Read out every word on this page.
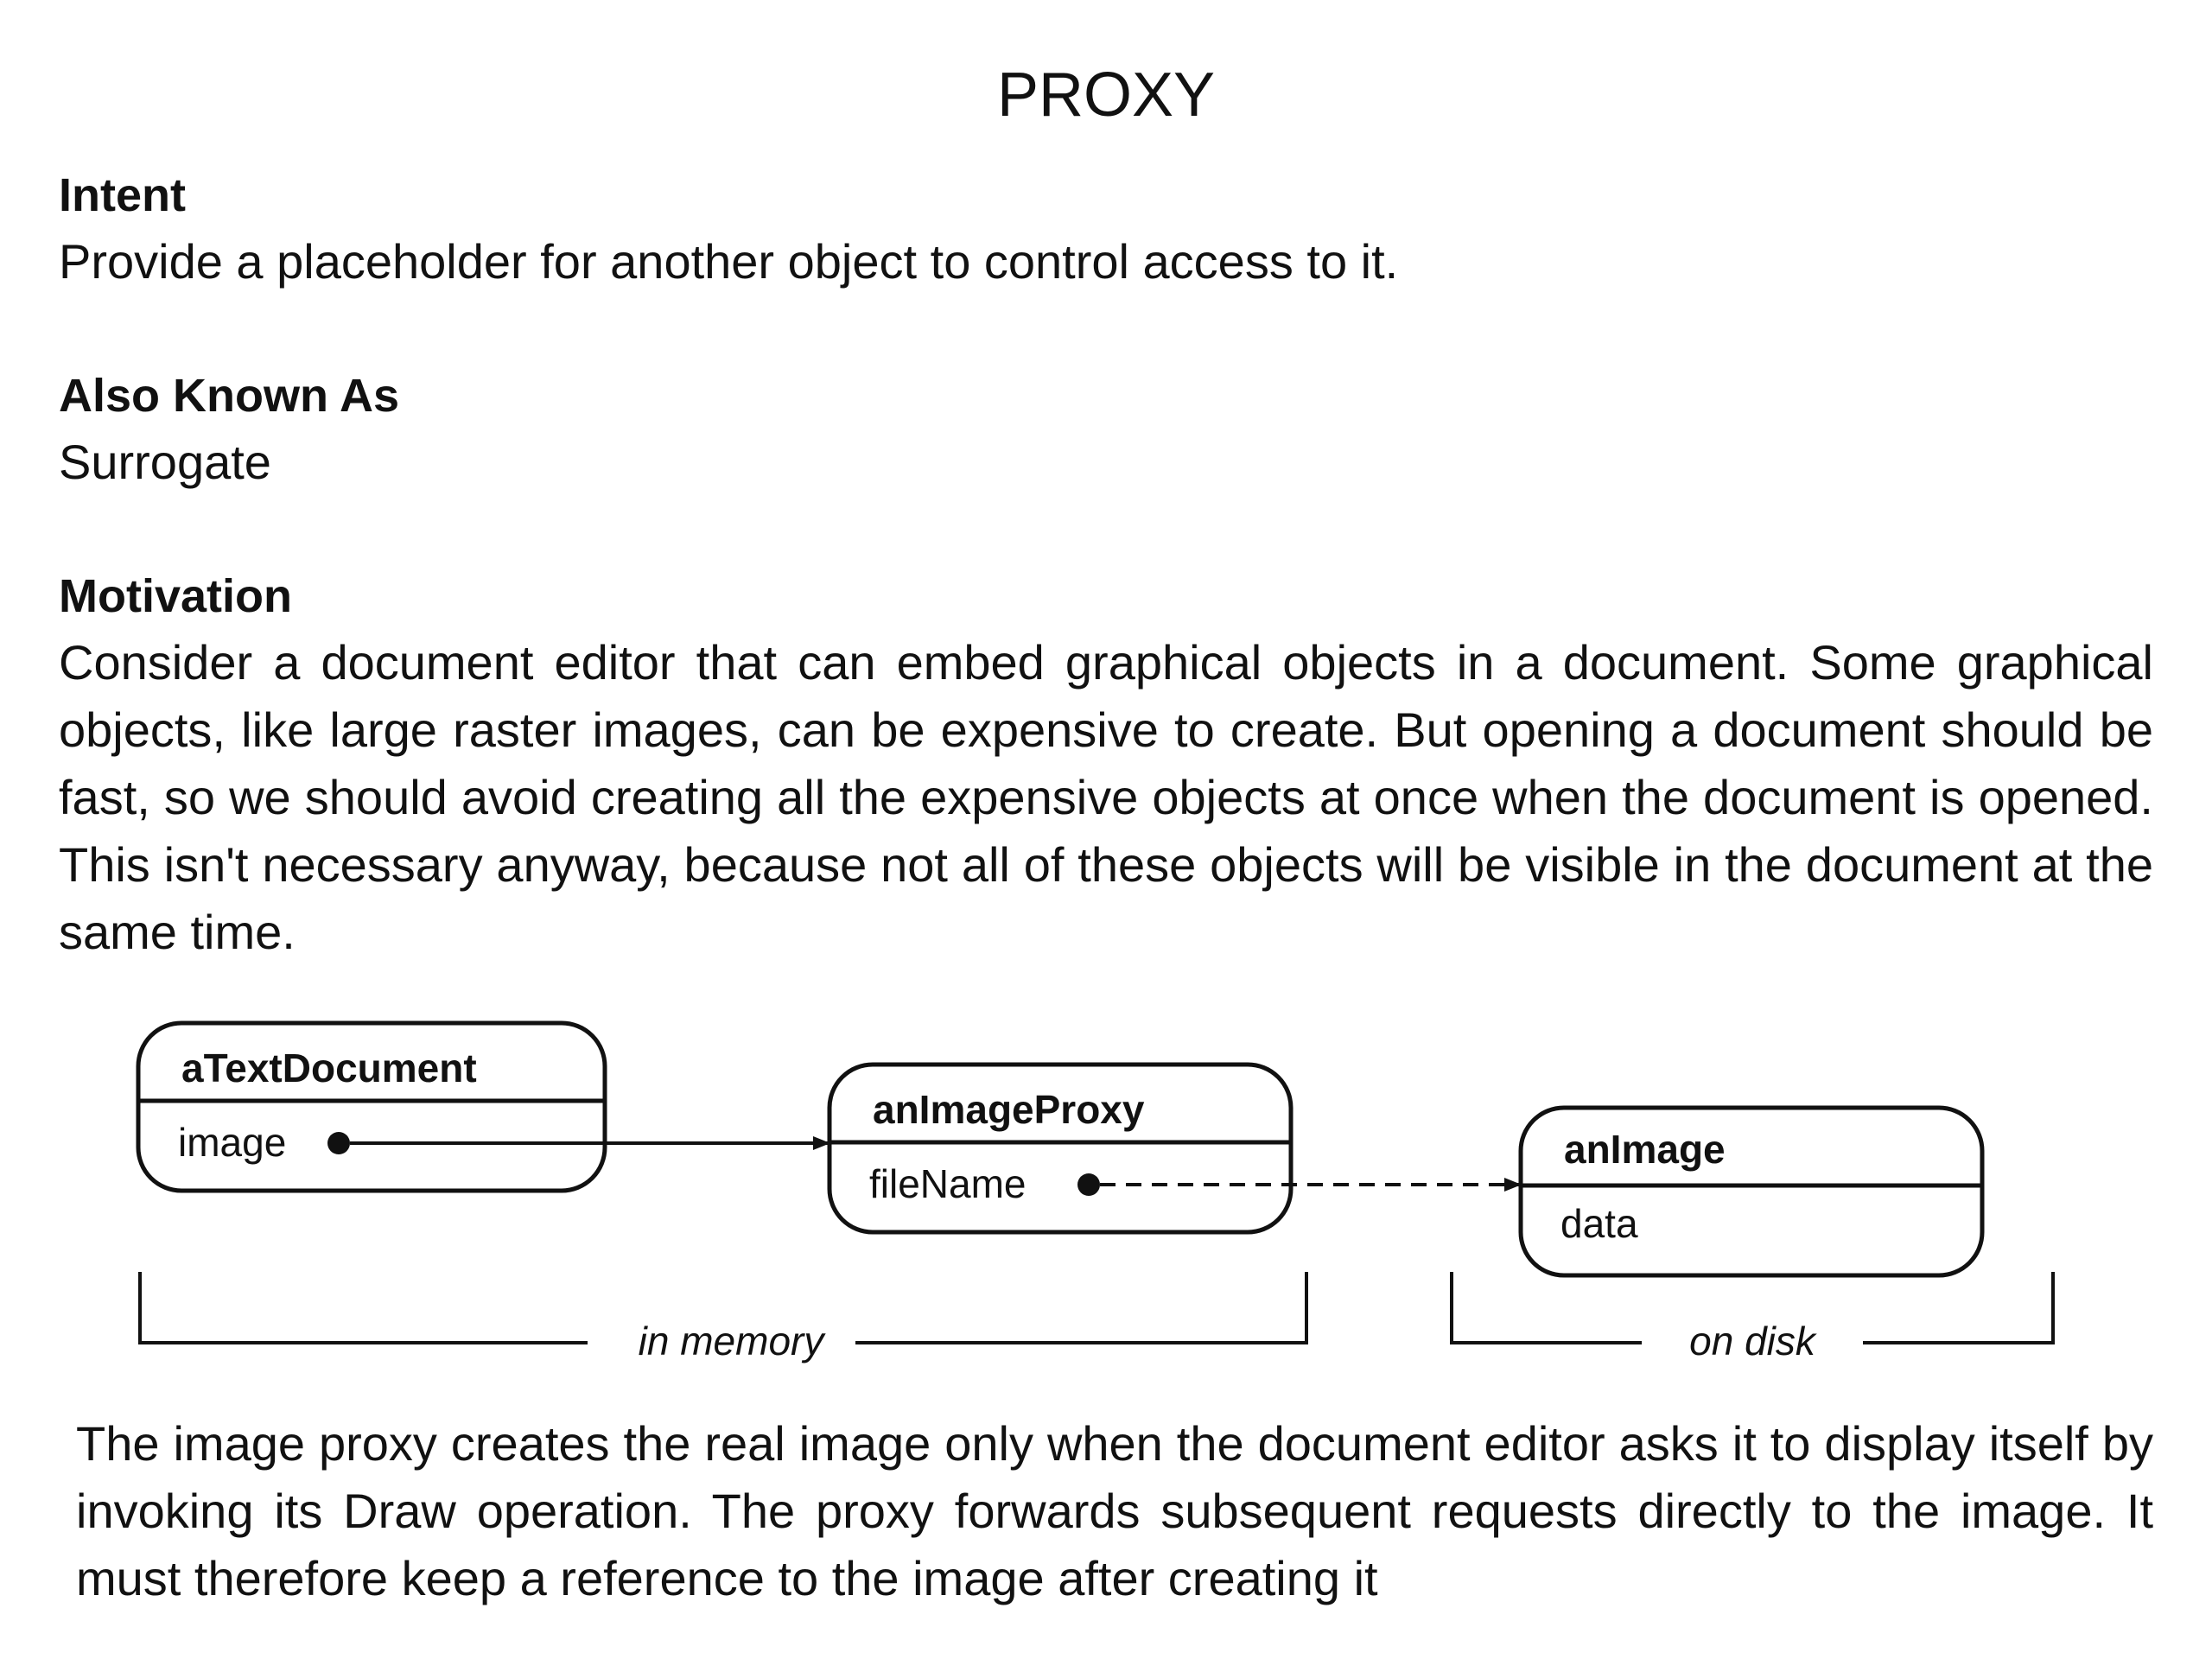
PROXY
Intent
Provide a placeholder for another object to control access to it.
Also Known As
Surrogate
Motivation
Consider a document editor that can embed graphical objects in a document. Some graphical objects, like large raster images, can be expensive to create. But opening a document should be fast, so we should avoid creating all the expensive objects at once when the document is opened. This isn't necessary anyway, because not all of these objects will be visible in the document at the same time.
aTextDocument
image
anImageProxy
fileName
anImage
data
in memory	on disk
The image proxy creates the real image only when the document editor asks it to display itself by invoking its Draw operation. The proxy forwards subsequent requests directly to the image. It must therefore keep a reference to the image after creating it
